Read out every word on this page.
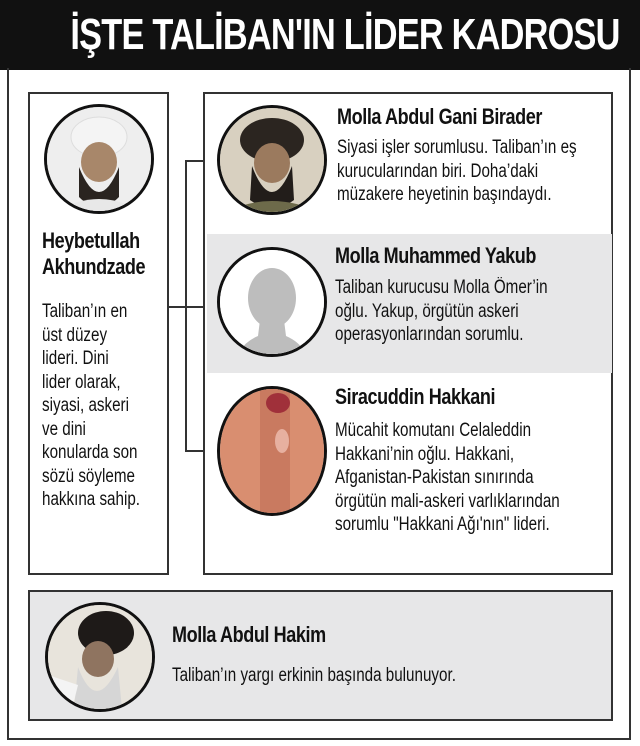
İŞTE TALİBAN'IN LİDER KADROSU
Heybetullah
Akhundzade
Taliban’ın en
üst düzey
lideri. Dini
lider olarak,
siyasi, askeri
ve dini
konularda son
sözü söyleme
hakkına sahip.
Molla Abdul Gani Birader
Siyasi işler sorumlusu. Taliban’ın eş
kurucularından biri. Doha’daki
müzakere heyetinin başındaydı.
Molla Muhammed Yakub
Taliban kurucusu Molla Ömer’in
oğlu. Yakup, örgütün askeri
operasyonlarından sorumlu.
Siracuddin Hakkani
Mücahit komutanı Celaleddin
Hakkani’nin oğlu. Hakkani,
Afganistan-Pakistan sınırında
örgütün mali-askeri varlıklarından
sorumlu "Hakkani Ağı'nın" lideri.
Molla Abdul Hakim
Taliban’ın yargı erkinin başında bulunuyor.
